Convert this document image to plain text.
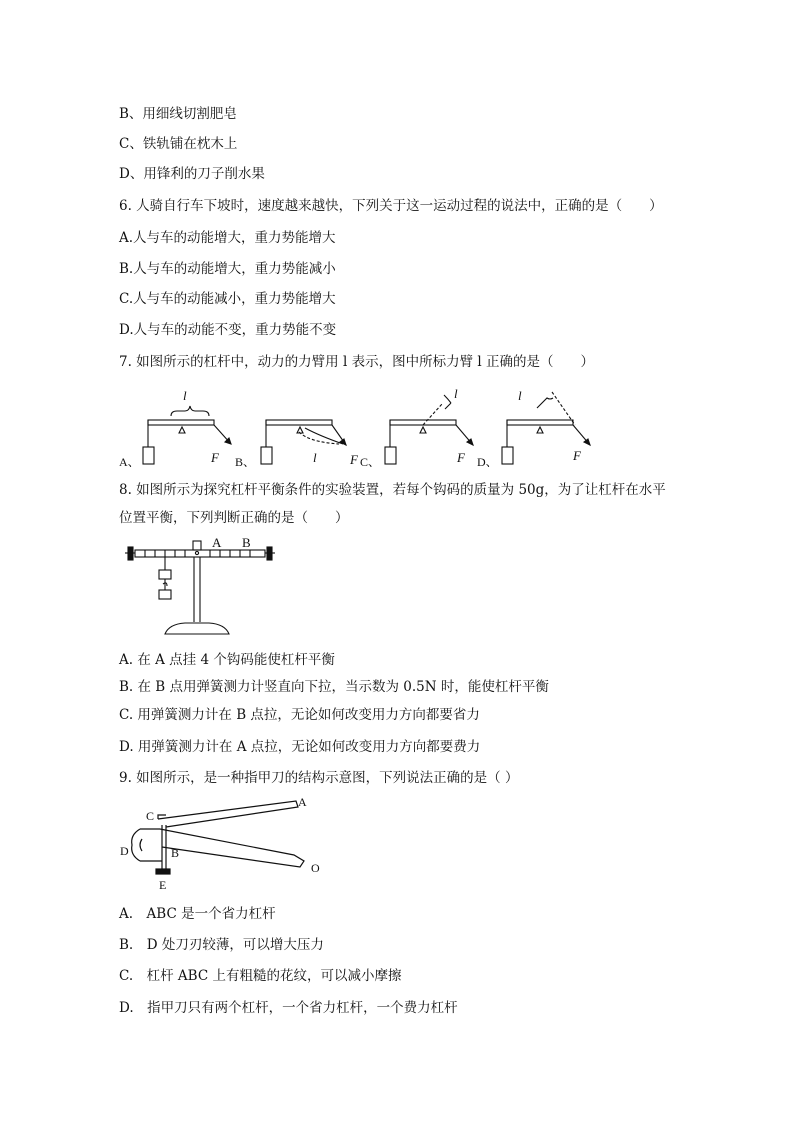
B、用细线切割肥皂
C、铁轨铺在枕木上
D、用锋利的刀子削水果
6. 人骑自行车下坡时，速度越来越快，下列关于这一运动过程的说法中，正确的是（　　）
A.人与车的动能增大，重力势能增大
B.人与车的动能增大，重力势能减小
C.人与车的动能减小，重力势能增大
D.人与车的动能不变，重力势能不变
7. 如图所示的杠杆中，动力的力臂用 l 表示，图中所标力臂 l 正确的是（　　）
l
F	l	F
l
F
l
F
A、	B、	C、	D、
8. 如图所示为探究杠杆平衡条件的实验装置，若每个钩码的质量为 50g，为了让杠杆在水平
位置平衡，下列判断正确的是（　　）
A B
A. 在 A 点挂 4 个钩码能使杠杆平衡
B. 在 B 点用弹簧测力计竖直向下拉，当示数为 0.5N 时，能使杠杆平衡
C. 用弹簧测力计在 B 点拉，无论如何改变用力方向都要省力
D. 用弹簧测力计在 A 点拉，无论如何改变用力方向都要费力
9. 如图所示，是一种指甲刀的结构示意图，下列说法正确的是（ ）
A
B
C
D
E
O
A.　ABC 是一个省力杠杆
B.　D 处刀刃较薄，可以增大压力
C.　杠杆 ABC 上有粗糙的花纹，可以减小摩擦
D.　指甲刀只有两个杠杆，一个省力杠杆，一个费力杠杆
